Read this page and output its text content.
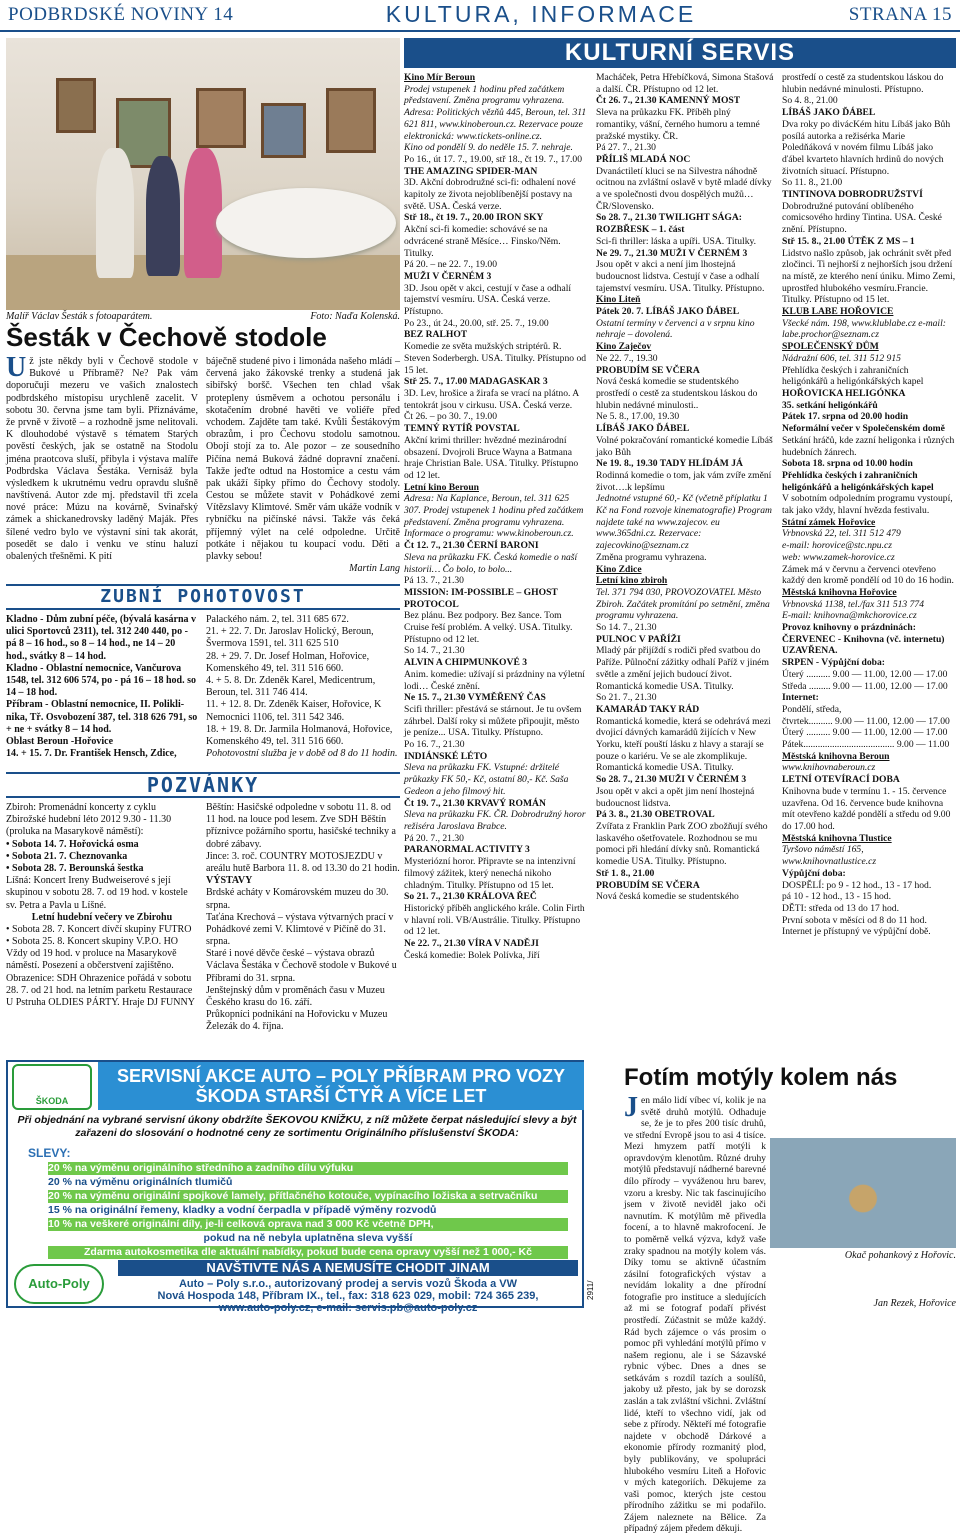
PODBRDSKÉ NOVINY 14	KULTURA, INFORMACE	STRANA 15
Malíř Václav Šesták s fotoaparátem.	Foto: Naďa Kolenská.
Šesták v Čechově stodole
Už jste někdy byli v Čechově stodole v Bukové u Příbramě? Ne? Pak vám doporučuji mezeru ve vašich znalostech podbrdského místopisu urychleně zacelit. V sobotu 30. června jsme tam byli. Přiznáváme, že prvně v životě – a rozhodně jsme nelitovali. K dlouhodobé výstavě s tématem Starých pověstí českých, jak se ostatně na Stodolu jména praotcova sluší, přibyla i výstava malíře Podbrdska Václava Šestáka. Vernisáž byla výsledkem k ukrutnému vedru opravdu slušně navštívená. Autor zde mj. představil tři zcela nové práce: Múzu na kovárně, Svinařský zámek a shickanedrovsky laděný Maják. Přes šílené vedro bylo ve výstavní síni tak akorát, posedět se dalo i venku ve stínu haluzí obalených třešněmi. K pití
báječně studené pivo i limonáda našeho mládí – červená jako žákovské trenky a studená jak sibiřský boršč. Všechen ten chlad však protepleny úsměvem a ochotou personálu i skotačením drobné havěti ve voliéře před vchodem. Zajděte tam také. Kvůli Šestákovým obrazům, i pro Čechovu stodolu samotnou. Obojí stojí za to. Ale pozor – ze sousedního Pičína nemá Buková žádné dopravní značení. Takže jeďte odtud na Hostomice a cestu vám pak ukáží šipky přímo do Čechovy stodoly. Cestou se můžete stavit v Pohádkové zemi Vítězslavy Klimtové. Směr vám ukáže vodník v rybníčku na pičínské návsi. Takže vás čeká příjemný výlet na celé odpoledne. Určitě potkáte i nějakou tu koupací vodu. Děti a plavky sebou!
Martin Lang
ZUBNÍ POHOTOVOST
Kladno - Dům zubní péče, (bývalá kasárna v ulici Sportovců 2311), tel. 312 240 440, po - pá 8 – 16 hod., so 8 – 14 hod., ne 14 – 20 hod., svátky 8 – 14 hod.
Kladno - Oblastní nemocnice, Vančurova 1548, tel. 312 606 574, po - pá 16 – 18 hod. so 14 – 18 hod.
Příbram - Oblastní nemocnice, II. Polikli-nika, Tř. Osvobození 387, tel. 318 626 791, so + ne + svátky 8 – 14 hod.
Oblast Beroun -Hořovice
14. + 15. 7. Dr. František Hensch, Zdice,
Palackého nám. 2, tel. 311 685 672.
21. + 22. 7. Dr. Jaroslav Holický, Beroun, Švermova 1591, tel. 311 625 510
28. + 29. 7. Dr. Josef Holman, Hořovice, Komenského 49, tel. 311 516 660.
4. + 5. 8. Dr. Zdeněk Karel, Medicentrum, Beroun, tel. 311 746 414.
11. + 12. 8. Dr. Zdeněk Kaiser, Hořovice, K Nemocnici 1106, tel. 311 542 346.
18. + 19. 8. Dr. Jarmila Holmanová, Hořovice, Komenského 49, tel. 311 516 660.
Pohotovostní služba je v době od 8 do 11 hodin.
POZVÁNKY
Zbiroh: Promenádní koncerty z cyklu Zbirožské hudební léto 2012 9.30 - 11.30 (proluka na Masarykově náměstí):
• Sobota 14. 7. Hořovická osma
• Sobota 21. 7. Cheznovanka
• Sobota 28. 7. Berounská šestka
Líšná: Koncert Ireny Budweiserové s její skupinou v sobotu 28. 7. od 19 hod. v kostele sv. Petra a Pavla u Líšné.
Letní hudební večery ve Zbirohu
• Sobota 28. 7. Koncert dívčí skupiny FUTRO
• Sobota 25. 8. Koncert skupiny V.P.O. HO
Vždy od 19 hod. v proluce na Masarykově náměstí. Posezení a občerstvení zajištěno.
Obrazenice: SDH Ohrazenice pořádá v sobotu 28. 7. od 21 hod. na letním parketu Restaurace U Pstruha OLDIES PÁRTY. Hraje DJ FUNNY
Běštín: Hasičské odpoledne v sobotu 11. 8. od 11 hod. na louce pod lesem. Zve SDH Běštín příznivce požárního sportu, hasičské techniky a dobré zábavy.
Jince: 3. roč. COUNTRY MOTOSJEZDU v areálu hutě Barbora 11. 8. od 13.30 do 21 hodin.
VÝSTAVY
Brdské acháty v Komárovském muzeu do 30. srpna.
Taťána Krechová – výstava výtvarných prací v Pohádkové zemi V. Klimtové v Pičíně do 31. srpna.
Staré i nové děvče české – výstava obrazů Václava Šestáka v Čechově stodole v Bukové u Příbrami do 31. srpna.
Jenštejnský dům v proměnách času v Muzeu Českého krasu do 16. září.
Průkopníci podnikání na Hořovicku v Muzeu Železák do 4. října.
KULTURNÍ SERVIS
Kino Mír Beroun
Prodej vstupenek 1 hodinu před začátkem představení. Změna programu vyhrazena. Adresa: Politických vězňů 445, Beroun, tel. 311 621 811, www.kinoberoun.cz. Rezervace pouze elektronická: www.tickets-online.cz.
Kino od pondělí 9. do neděle 15. 7. nehraje.
Po 16., út 17. 7., 19.00, stř 18., čt 19. 7., 17.00
THE AMAZING SPIDER-MAN
3D. Akční dobrodružné sci-fi: odhalení nové kapitoly ze života nejoblíbenější postavy na světě. USA. Česká verze.
Stř 18., čt 19. 7., 20.00 IRON SKY
Akční sci-fi komedie: schovávé se na odvrácené straně Měsíce… Finsko/Něm. Titulky.
Pá 20. – ne 22. 7., 19.00
MUŽI V ČERNÉM 3
3D. Jsou opět v akci, cestují v čase a odhalí tajemství vesmíru. USA. Česká verze. Přístupno.
Po 23., út 24., 20.00, stř. 25. 7., 19.00
BEZ RALHOT
Komedie ze světa mužských striptérů. R. Steven Soderbergh. USA. Titulky. Přístupno od 15 let.
Stř 25. 7., 17.00 MADAGASKAR 3
3D. Lev, hrošice a žirafa se vrací na plátno. A tentokrát jsou v cirkusu. USA. Česká verze.
Čt 26. – po 30. 7., 19.00
TEMNÝ RYTÍŘ POVSTAL
Akční krimi thriller: hvězdné mezinárodní obsazení. Dvojroli Bruce Wayna a Batmana hraje Christian Bale. USA. Titulky. Přístupno od 12 let.
Letní kino Beroun
Adresa: Na Kaplance, Beroun, tel. 311 625 307. Prodej vstupenek 1 hodinu před začátkem představení. Změna programu vyhrazena. Informace o programu: www.kinoberoun.cz.
Čt 12. 7., 21.30 ČERNÍ BARONI
Sleva na průkazku FK. Česká komedie o naší historii… Čo bolo, to bolo...
Pá 13. 7., 21.30
MISSION: IM-POSSIBLE – GHOST PROTOCOL
Bez plánu. Bez podpory. Bez šance. Tom Cruise řeší problém. A velký. USA. Titulky. Přístupno od 12 let.
So 14. 7., 21.30
ALVIN A CHIPMUNKOVÉ 3
Anim. komedie: užívají si prázdniny na výletní lodi… České znění.
Ne 15. 7., 21.30 VYMĚŘENÝ ČAS
Scifi thriller: přestává se stárnout. Je tu ovšem záhrbel. Další roky si můžete připoujit, město je peníze... USA. Titulky. Přístupno.
Po 16. 7., 21.30
INDIÁNSKÉ LÉTO
Sleva na průkazku FK. Vstupné: držitelé průkazky FK 50,- Kč, ostatní 80,- Kč. Saša Gedeon a jeho filmový hit.
Čt 19. 7., 21.30 KRVAVÝ ROMÁN
Sleva na průkazku FK. ČR. Dobrodružný horor režiséra Jaroslava Brabce.
Pá 20. 7., 21.30
PARANORMAL ACTIVITY 3
Mysteriózní horor. Připravte se na intenzivní filmový zážitek, který nenechá nikoho chladným. Titulky. Přístupno od 15 let.
So 21. 7., 21.30 KRÁLOVA ŘEČ
Historický příběh anglického krále. Colin Firth v hlavní roli. VB/Austrálie. Titulky. Přístupno od 12 let.
Ne 22. 7., 21.30 VÍRA V NADĚJI
Česká komedie: Bolek Polívka, Jiří
Macháček, Petra Hřebíčková, Simona Stašová a další. ČR. Přístupno od 12 let.
Čt 26. 7., 21.30 KAMENNÝ MOST
Sleva na průkazku FK. Příběh plný romantiky, vášní, černého humoru a temné pražské mystiky. ČR.
Pá 27. 7., 21.30
PŘÍLIŠ MLADÁ NOC
Dvanáctiletí kluci se na Silvestra náhodně ocitnou na zvláštní oslavě v bytě mladé dívky a ve společnosti dvou dospělých mužů… ČR/Slovensko.
So 28. 7., 21.30 TWILIGHT SÁGA: ROZBŘESK – 1. část
Sci-fi thriller: láska a upíři. USA. Titulky.
Ne 29. 7., 21.30 MUŽI V ČERNÉM 3
Jsou opět v akci a není jim lhostejná budoucnost lidstva. Cestují v čase a odhalí tajemství vesmíru. USA. Titulky. Přístupno.
Kino Liteň
Pátek 20. 7. LÍBÁŠ JAKO ĎÁBEL
Ostatní termíny v červenci a v srpnu kino nehraje – dovolená.
Kino Zaječov
Ne 22. 7., 19.30
PROBUDÍM SE VČERA
Nová česká komedie se studentského prostředí o cestě za studentskou láskou do hlubin nedávné minulosti..
Ne 5. 8., 17.00, 19.30
LÍBÁŠ JAKO ĎÁBEL
Volné pokračování romantické komedie Líbáš jako Bůh
Ne 19. 8., 19.30 TADY HLÍDÁM JÁ
Rodinná komedie o tom, jak vám zvíře změní život….k lepšímu
Jednotné vstupné 60,- Kč (včetně příplatku 1 Kč na Fond rozvoje kinematografie) Program najdete také na www.zajecov. eu www.365dni.cz. Rezervace: zajecovkino@seznam.cz
Změna programu vyhrazena.
Kino Zdice
Letní kino zbiroh
Tel. 371 794 030, PROVOZOVATEL Město Zbiroh. Začátek promítání po setmění, změna programu vyhrazena.
So 14. 7., 21.30
PULNOC V PAŘÍŽI
Mladý pár přijíždí s rodiči před svatbou do Paříže. Půlnoční zážitky odhalí Paříž v jiném světle a změní jejich budoucí život. Romantická komedie USA. Titulky.
So 21. 7., 21.30
KAMARÁD TAKY RÁD
Romantická komedie, která se odehrává mezi dvojicí dávných kamarádů žijících v New Yorku, kteří pouští lásku z hlavy a starají se pouze o kariéru. Ve se ale zkomplikuje. Romantická komedie USA. Titulky.
So 28. 7., 21.30 MUŽI V ČERNÉM 3
Jsou opět v akci a opět jim není lhostejná budoucnost lidstva.
Pá 3. 8., 21.30 OBETROVAL
Zvířata z Franklin Park ZOO zbožňují svého laskavého ošetřovatele. Rozhodnou se mu pomoci při hledání dívky snů. Romantická komedie USA. Titulky. Přístupno.
Stř 1. 8., 21.00
PROBUDÍM SE VČERA
Nová česká komedie se studentského
prostředí o cestě za studentskou láskou do hlubin nedávné minulosti. Přístupno.
So 4. 8., 21.00
LÍBÁŠ JAKO ĎÁBEL
Dva roky po divácKém hitu Líbáš jako Bůh posílá autorka a režisérka Marie Poledňáková v novém filmu Líbáš jako ďábel kvarteto hlavních hrdinů do nových životních situací. Přístupno.
So 11. 8., 21.00
TINTINOVA DOBRODRUŽSTVÍ
Dobrodružné putování oblíbeného comicsového hrdiny Tintina. USA. České znění. Přístupno.
Stř 15. 8., 21.00 ÚTĚK Z MS – 1
Lidstvo našlo způsob, jak ochránit svět před zločinci. Ti nejhorší z nejhorších jsou držení na místě, ze kterého není úniku. Mimo Zemi, uprostřed hlubokého vesmíru.Francie. Titulky. Přístupno od 15 let.
KLUB LABE HOŘOVICE
Všecké nám. 198, www.klublabe.cz e-mail: labe.prochor@seznam.cz
SPOLEČENSKÝ DŮM
Nádražní 606, tel. 311 512 915
Přehlídka českých i zahraničních heligónkářů a heligónkářských kapel
HOŘOVICKA HELIGÓNKA
35. setkání heligónkářů
Pátek 17. srpna od 20.00 hodin
Neformální večer v Společenském domě
Setkání hráčů, kde zazní heligonka i různých hudebních žánrech.
Sobota 18. srpna od 10.00 hodin
Přehlídka českých i zahraničních heligónkářů a heligónkářských kapel
V sobotním odpoledním programu vystoupí, tak jako vždy, hlavní hvězda festivalu.
Státní zámek Hořovice
Vrbnovská 22, tel. 311 512 479
e-mail: horovice@stc.npu.cz
web: www.zamek-horovice.cz
Zámek má v červnu a červenci otevřeno každý den kromě pondělí od 10 do 16 hodin.
Městská knihovna Hořovice
Vrbnovská 1138, tel./fax 311 513 774
E-mail: knihovna@mkchorovice.cz
Provoz knihovny o prázdninách: ČERVENEC - Knihovna (vč. internetu) UZAVŘENA.
SRPEN - Výpůjční doba:
Úterý .......... 9.00 — 11.00, 12.00 — 17.00
Středa ......... 9.00 — 11.00, 12.00 — 17.00
Internet:
Pondělí, středa,
čtvrtek.......... 9.00 — 11.00, 12.00 — 17.00
Úterý .......... 9.00 — 11.00, 12.00 — 17.00
Pátek...................................... 9.00 — 11.00
Městská knihovna Beroun
www.knihovnaberoun.cz
LETNÍ OTEVÍRACÍ DOBA
Knihovna bude v termínu 1. - 15. července uzavřena. Od 16. července bude knihovna mít otevřeno každé pondělí a středu od 9.00 do 17.00 hod.
Městská knihovna Tlustice
Tyršovo náměstí 165,
www.knihovnatlustice.cz
Výpůjční doba:
DOSPĚLÍ: po 9 - 12 hod., 13 - 17 hod.
pá 10 - 12 hod., 13 - 15 hod.
DĚTI: středa od 13 do 17 hod.
První sobota v měsíci od 8 do 11 hod.
Internet je přístupný ve výpůjční době.
ŠKODA
SERVISNÍ AKCE AUTO – POLY PŘÍBRAM PRO VOZY ŠKODA STARŠÍ ČTYŘ A VÍCE LET
Při objednání na vybrané servisní úkony obdržíte ŠEKOVOU KNÍŽKU, z níž můžete čerpat následující slevy a být zařazeni do slosování o hodnotné ceny ze sortimentu Originálního příslušenství ŠKODA:
SLEVY:
20 % na výměnu originálního středního a zadního dílu výfuku
20 % na výměnu originálních tlumičů
20 % na výměnu originální spojkové lamely, přítlačného kotouče, vypínacího ložiska a setrvačníku
15 % na originální řemeny, kladky a vodní čerpadla v případě výměny rozvodů
10 % na veškeré originální díly, je-li celková oprava nad 3 000 Kč včetně DPH,
pokud na ně nebyla uplatněna sleva vyšší
Zdarma autokosmetika dle aktuální nabídky, pokud bude cena opravy vyšší než 1 000,- Kč
Auto-Poly
NAVŠTIVTE NÁS A NEMUSÍTE CHODIT JINAM
Auto – Poly s.r.o., autorizovaný prodej a servis vozů Škoda a VW
Nová Hospoda 148, Příbram IX., tel., fax: 318 623 029, mobil: 724 365 239,
www.auto-poly.cz, e-mail: servis.pb@auto-poly.cz
2911/
Fotím motýly kolem nás
Okač pohankový z Hořovic.
Jen málo lidí víbec ví, kolik je na světě druhů motýlů. Odhaduje se, že je to přes 200 tisíc druhů, ve střední Evropě jsou to asi 4 tisíce. Mezi hmyzem patří motýli k opravdovým klenotům. Různé druhy motýlů představují nádherné barevné dílo přírody – vyváženou hru barev, vzoru a kresby. Nic tak fascinujícího jsem v životě neviděl jako oči navnutím. K motýlům mě přivedla focení, a to hlavně makrofocení. Je to poměrně velká výzva, když vaše zraky spadnou na motýly kolem vás. Díky tomu se aktivně účastním zásilní fotografických výstav a nevídám lokality a dne přírodní fotografie pro instituce a sledujících až mi se fotograf podaří přivést prostředí. Zúčastnit se může každý. Rád bych zájemce o vás prosim o pomoc při vyhledání motýlů přímo v našem regionu, ale i se Sázavské rybnic výbec. Dnes a dnes se setkávám s rozdíl tazích a soulíšů, jakoby už přesto, jak by se dorozsk zaslán a tak zvláštní všichni. Zvláštní lidé, kteří to všechno vidí, jak od sebe z přírody. Někteří mé fotografie najdete v obchodě Dárkové a ekonomie přírody rozmanitý plod, byly publikovány, ve spolupráci hlubokého vesmíru Liteň a Hořovic v mých kategoriích. Děkujeme za vaši pomoc, kterých jste cestou přírodního zážitku se mi podařilo. Zájem naleznete na Bělice. Za případný zájem předem děkuji.
Jan Rezek, Hořovice
